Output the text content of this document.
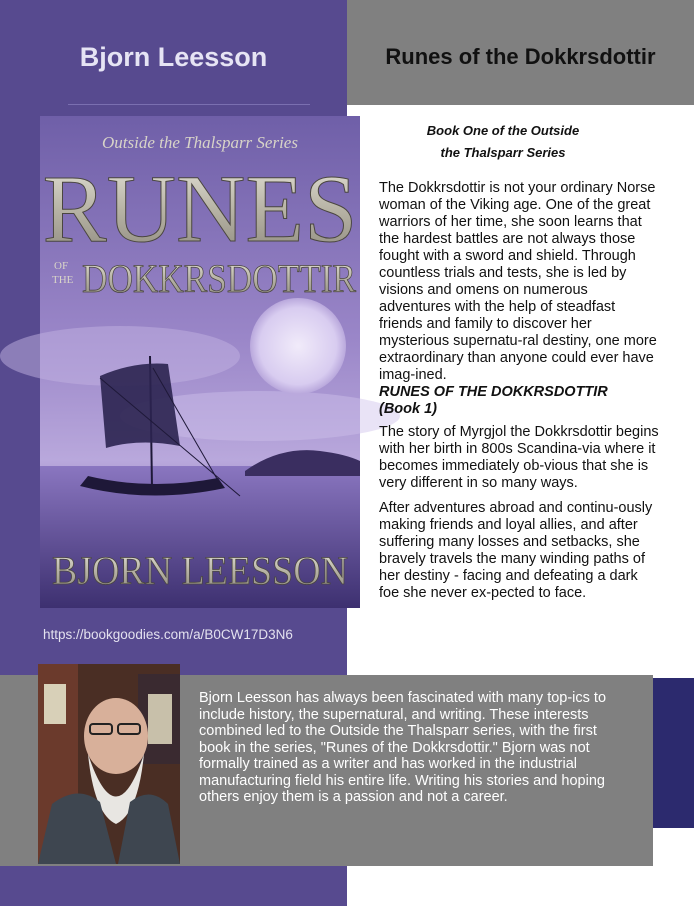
Bjorn Leesson	Runes of the Dokkrsdottir
Outside the Thalsparr Series
RUNES
OF
THE DOKKRSDOTTIR
BJORN LEESSON
https://bookgoodies.com/a/B0CW17D3N6
Book One of the Outside
the Thalsparr Series

The Dokkrsdottir is not your ordinary Norse woman of the Viking age. One of the great warriors of her time, she soon learns that the hardest battles are not always those fought with a sword and shield. Through countless trials and tests, she is led by visions and omens on numerous adventures with the help of steadfast friends and family to discover her mysterious supernatu-ral destiny, one more extraordinary than anyone could ever have imag-ined.

RUNES OF THE DOKKRSDOTTIR
(Book 1)

The story of Myrgjol the Dokkrsdottir begins with her birth in 800s Scandina-via where it becomes immediately ob-vious that she is very different in so many ways.

After adventures abroad and continu-ously making friends and loyal allies, and after suffering many losses and setbacks, she bravely travels the many winding paths of her destiny - facing and defeating a dark foe she never ex-pected to face.

Bjorn Leesson has always been fascinated with many top-ics to include history, the supernatural, and writing. These interests combined led to the Outside the Thalsparr series, with the first book in the series, "Runes of the Dokkrsdottir." Bjorn was not formally trained as a writer and has worked in the industrial manufacturing field his entire life. Writing his stories and hoping others enjoy them is a passion and not a career.
